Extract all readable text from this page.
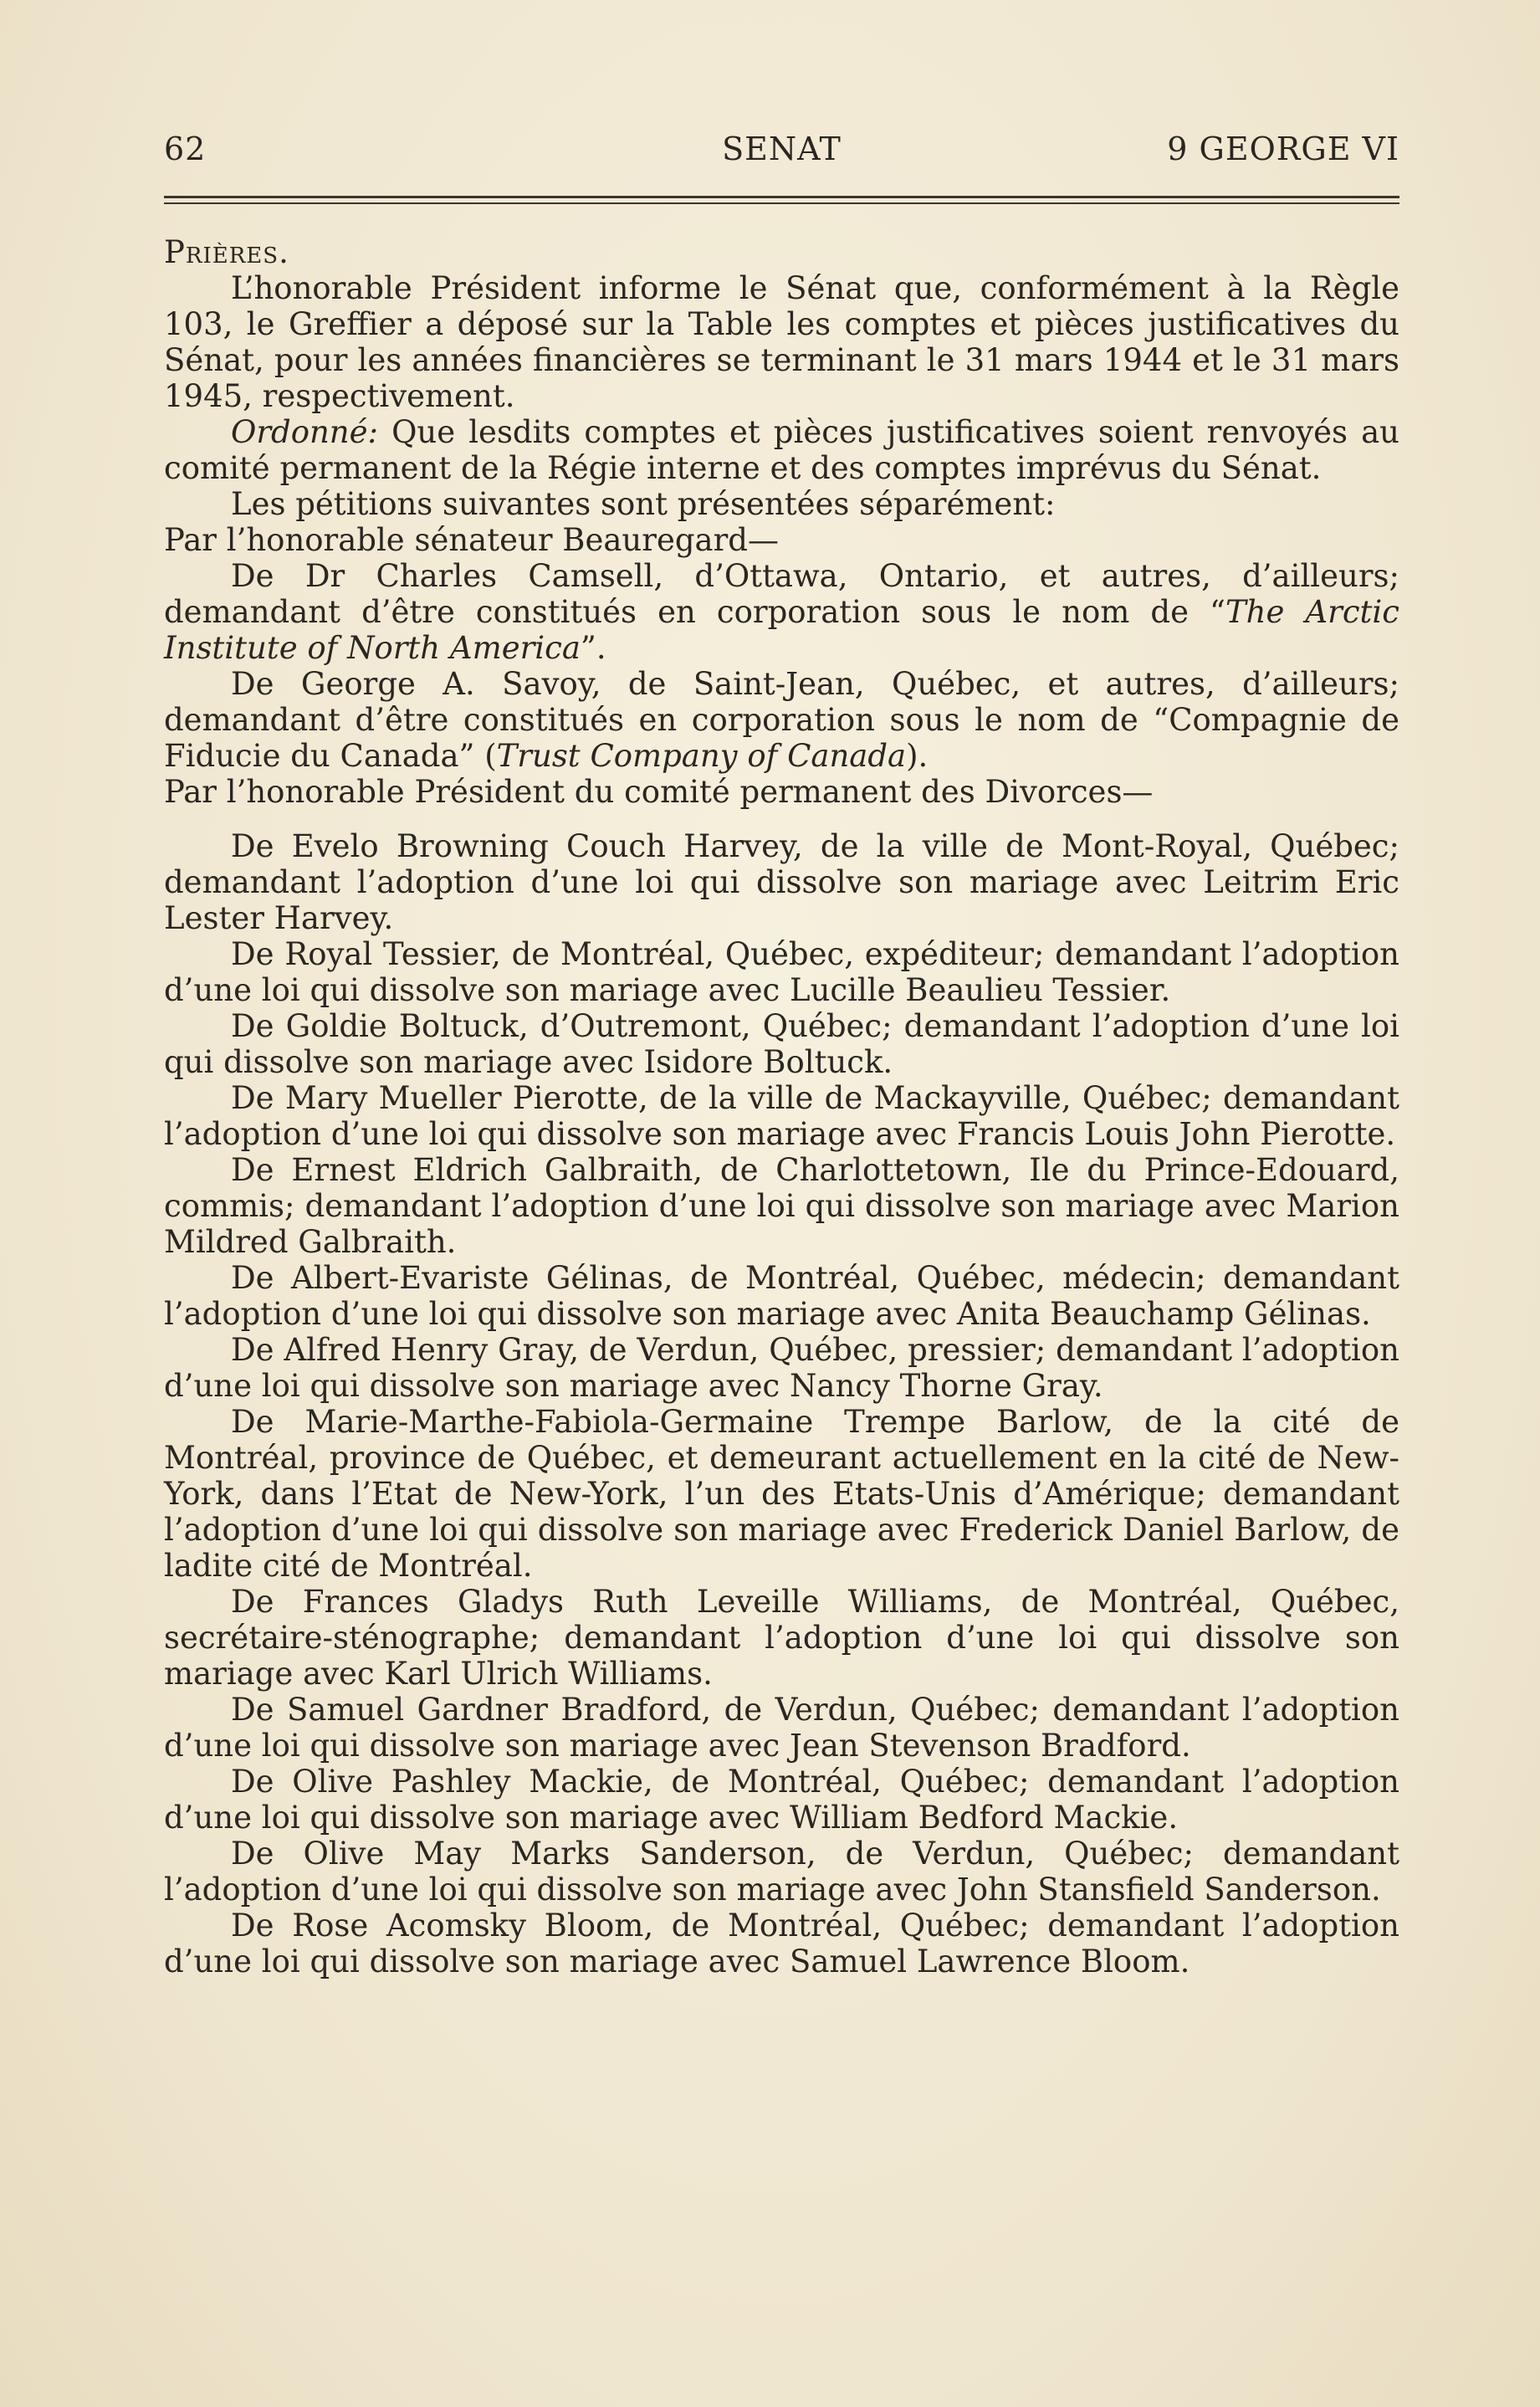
62	SENAT	9 GEORGE VI

Prières.

L’honorable Président informe le Sénat que, conformément à la Règle 103, le Greffier a déposé sur la Table les comptes et pièces justificatives du Sénat, pour les années financières se terminant le 31 mars 1944 et le 31 mars 1945, respectivement.

Ordonné: Que lesdits comptes et pièces justificatives soient renvoyés au comité permanent de la Régie interne et des comptes imprévus du Sénat.

Les pétitions suivantes sont présentées séparément:

Par l’honorable sénateur Beauregard—

De Dr Charles Camsell, d’Ottawa, Ontario, et autres, d’ailleurs; demandant d’être constitués en corporation sous le nom de “The Arctic Institute of North America”.

De George A. Savoy, de Saint-Jean, Québec, et autres, d’ailleurs; demandant d’être constitués en corporation sous le nom de “Compagnie de Fiducie du Canada” (Trust Company of Canada).

Par l’honorable Président du comité permanent des Divorces—

De Evelo Browning Couch Harvey, de la ville de Mont-Royal, Québec; demandant l’adoption d’une loi qui dissolve son mariage avec Leitrim Eric Lester Harvey.

De Royal Tessier, de Montréal, Québec, expéditeur; demandant l’adoption d’une loi qui dissolve son mariage avec Lucille Beaulieu Tessier.

De Goldie Boltuck, d’Outremont, Québec; demandant l’adoption d’une loi qui dissolve son mariage avec Isidore Boltuck.

De Mary Mueller Pierotte, de la ville de Mackayville, Québec; demandant l’adoption d’une loi qui dissolve son mariage avec Francis Louis John Pierotte.

De Ernest Eldrich Galbraith, de Charlottetown, Ile du Prince-Edouard, commis; demandant l’adoption d’une loi qui dissolve son mariage avec Marion Mildred Galbraith.

De Albert-Evariste Gélinas, de Montréal, Québec, médecin; demandant l’adoption d’une loi qui dissolve son mariage avec Anita Beauchamp Gélinas.

De Alfred Henry Gray, de Verdun, Québec, pressier; demandant l’adoption d’une loi qui dissolve son mariage avec Nancy Thorne Gray.

De Marie-Marthe-Fabiola-Germaine Trempe Barlow, de la cité de Montréal, province de Québec, et demeurant actuellement en la cité de New-York, dans l’Etat de New-York, l’un des Etats-Unis d’Amérique; demandant l’adoption d’une loi qui dissolve son mariage avec Frederick Daniel Barlow, de ladite cité de Montréal.

De Frances Gladys Ruth Leveille Williams, de Montréal, Québec, secrétaire-sténographe; demandant l’adoption d’une loi qui dissolve son mariage avec Karl Ulrich Williams.

De Samuel Gardner Bradford, de Verdun, Québec; demandant l’adoption d’une loi qui dissolve son mariage avec Jean Stevenson Bradford.

De Olive Pashley Mackie, de Montréal, Québec; demandant l’adoption d’une loi qui dissolve son mariage avec William Bedford Mackie.

De Olive May Marks Sanderson, de Verdun, Québec; demandant l’adoption d’une loi qui dissolve son mariage avec John Stansfield Sanderson.

De Rose Acomsky Bloom, de Montréal, Québec; demandant l’adoption d’une loi qui dissolve son mariage avec Samuel Lawrence Bloom.
